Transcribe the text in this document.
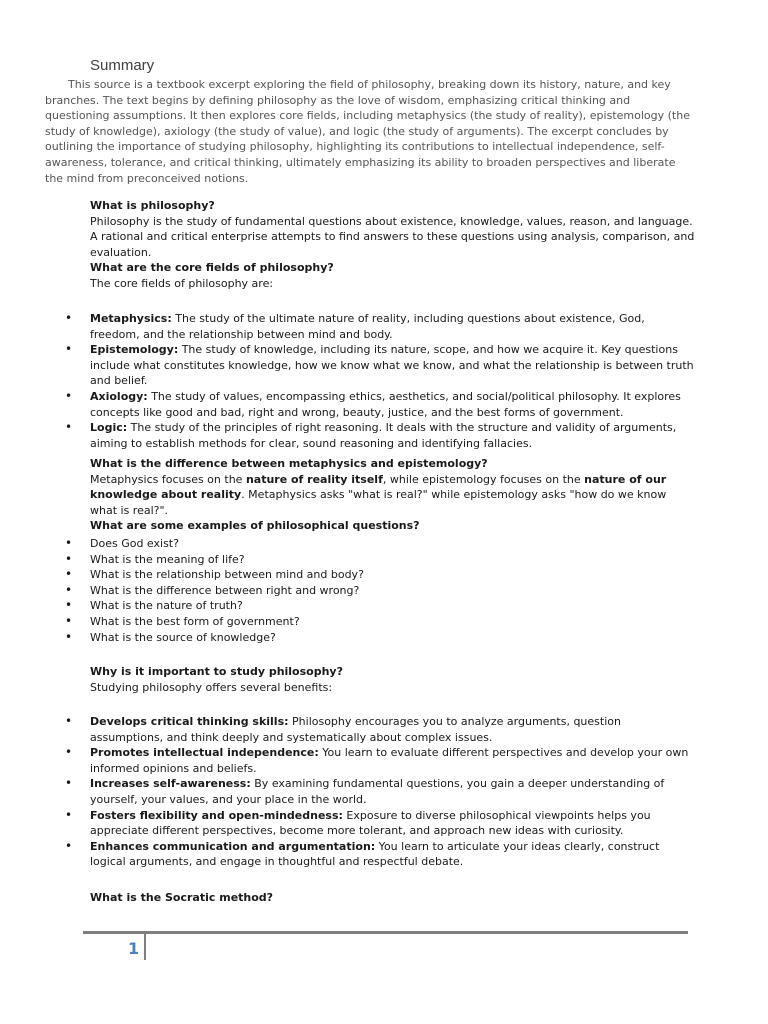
Summary

This source is a textbook excerpt exploring the field of philosophy, breaking down its history, nature, and key branches. The text begins by defining philosophy as the love of wisdom, emphasizing critical thinking and questioning assumptions. It then explores core fields, including metaphysics (the study of reality), epistemology (the study of knowledge), axiology (the study of value), and logic (the study of arguments). The excerpt concludes by outlining the importance of studying philosophy, highlighting its contributions to intellectual independence, self-awareness, tolerance, and critical thinking, ultimately emphasizing its ability to broaden perspectives and liberate the mind from preconceived notions.

What is philosophy?

Philosophy is the study of fundamental questions about existence, knowledge, values, reason, and language. A rational and critical enterprise attempts to find answers to these questions using analysis, comparison, and evaluation.

What are the core fields of philosophy?

The core fields of philosophy are:

• Metaphysics: The study of the ultimate nature of reality, including questions about existence, God, freedom, and the relationship between mind and body.
• Epistemology: The study of knowledge, including its nature, scope, and how we acquire it. Key questions include what constitutes knowledge, how we know what we know, and what the relationship is between truth and belief.
• Axiology: The study of values, encompassing ethics, aesthetics, and social/political philosophy. It explores concepts like good and bad, right and wrong, beauty, justice, and the best forms of government.
• Logic: The study of the principles of right reasoning. It deals with the structure and validity of arguments, aiming to establish methods for clear, sound reasoning and identifying fallacies.

What is the difference between metaphysics and epistemology?

Metaphysics focuses on the nature of reality itself, while epistemology focuses on the nature of our knowledge about reality. Metaphysics asks "what is real?" while epistemology asks "how do we know what is real?".

What are some examples of philosophical questions?

• Does God exist?
• What is the meaning of life?
• What is the relationship between mind and body?
• What is the difference between right and wrong?
• What is the nature of truth?
• What is the best form of government?
• What is the source of knowledge?

Why is it important to study philosophy?

Studying philosophy offers several benefits:

• Develops critical thinking skills: Philosophy encourages you to analyze arguments, question assumptions, and think deeply and systematically about complex issues.
• Promotes intellectual independence: You learn to evaluate different perspectives and develop your own informed opinions and beliefs.
• Increases self-awareness: By examining fundamental questions, you gain a deeper understanding of yourself, your values, and your place in the world.
• Fosters flexibility and open-mindedness: Exposure to diverse philosophical viewpoints helps you appreciate different perspectives, become more tolerant, and approach new ideas with curiosity.
• Enhances communication and argumentation: You learn to articulate your ideas clearly, construct logical arguments, and engage in thoughtful and respectful debate.

What is the Socratic method?

1
